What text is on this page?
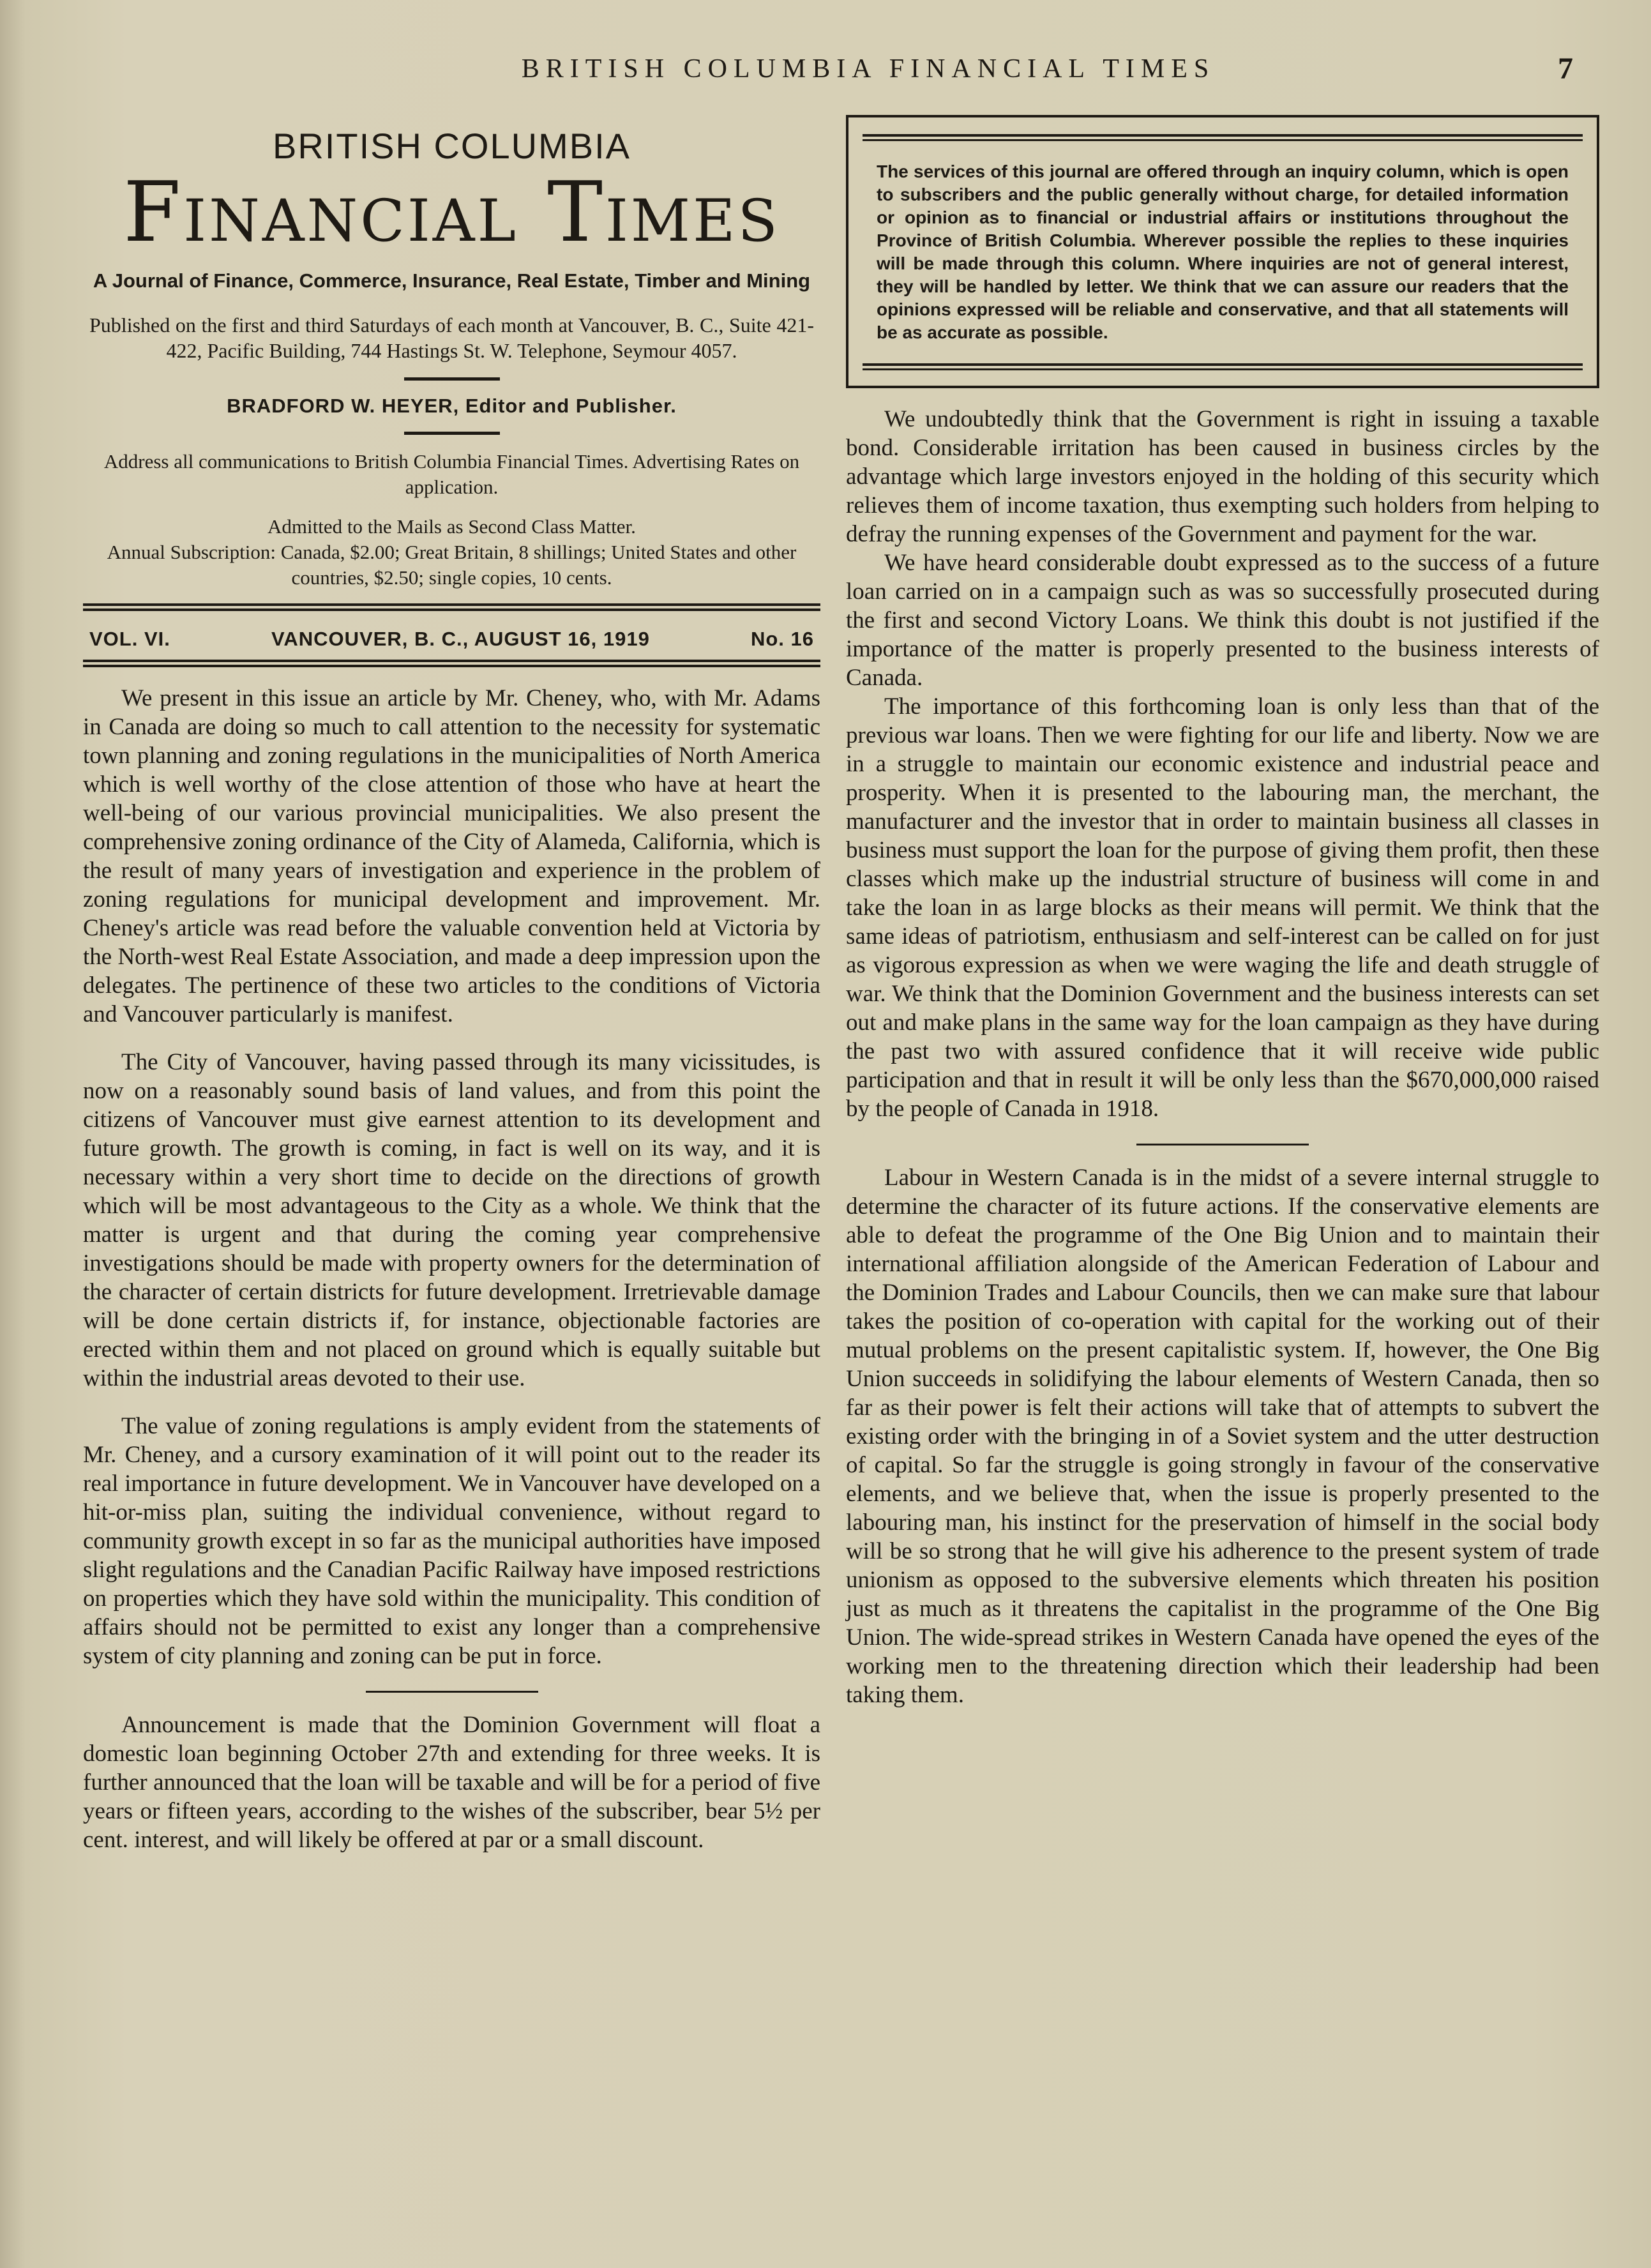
BRITISH COLUMBIA FINANCIAL TIMES	7
BRITISH COLUMBIA
Financial Times
A Journal of Finance, Commerce, Insurance, Real Estate, Timber and Mining
Published on the first and third Saturdays of each month at Vancouver, B. C., Suite 421-422, Pacific Building, 744 Hastings St. W. Telephone, Seymour 4057.
BRADFORD W. HEYER, Editor and Publisher.
Address all communications to British Columbia Financial Times. Advertising Rates on application.
Admitted to the Mails as Second Class Matter.
Annual Subscription: Canada, $2.00; Great Britain, 8 shillings; United States and other countries, $2.50; single copies, 10 cents.
VOL. VI.	VANCOUVER, B. C., AUGUST 16, 1919	No. 16

We present in this issue an article by Mr. Cheney, who, with Mr. Adams in Canada are doing so much to call attention to the necessity for systematic town planning and zoning regulations in the municipalities of North America which is well worthy of the close attention of those who have at heart the well-being of our various provincial municipalities. We also present the comprehensive zoning ordinance of the City of Alameda, California, which is the result of many years of investigation and experience in the problem of zoning regulations for municipal development and improvement. Mr. Cheney's article was read before the valuable convention held at Victoria by the North-west Real Estate Association, and made a deep impression upon the delegates. The pertinence of these two articles to the conditions of Victoria and Vancouver particularly is manifest.

The City of Vancouver, having passed through its many vicissitudes, is now on a reasonably sound basis of land values, and from this point the citizens of Vancouver must give earnest attention to its development and future growth. The growth is coming, in fact is well on its way, and it is necessary within a very short time to decide on the directions of growth which will be most advantageous to the City as a whole. We think that the matter is urgent and that during the coming year comprehensive investigations should be made with property owners for the determination of the character of certain districts for future development. Irretrievable damage will be done certain districts if, for instance, objectionable factories are erected within them and not placed on ground which is equally suitable but within the industrial areas devoted to their use.

The value of zoning regulations is amply evident from the statements of Mr. Cheney, and a cursory examination of it will point out to the reader its real importance in future development. We in Vancouver have developed on a hit-or-miss plan, suiting the individual convenience, without regard to community growth except in so far as the municipal authorities have imposed slight regulations and the Canadian Pacific Railway have imposed restrictions on properties which they have sold within the municipality. This condition of affairs should not be permitted to exist any longer than a comprehensive system of city planning and zoning can be put in force.

Announcement is made that the Dominion Government will float a domestic loan beginning October 27th and extending for three weeks. It is further announced that the loan will be taxable and will be for a period of five years or fifteen years, according to the wishes of the subscriber, bear 5½ per cent. interest, and will likely be offered at par or a small discount.

The services of this journal are offered through an inquiry column, which is open to subscribers and the public generally without charge, for detailed information or opinion as to financial or industrial affairs or institutions throughout the Province of British Columbia. Wherever possible the replies to these inquiries will be made through this column. Where inquiries are not of general interest, they will be handled by letter. We think that we can assure our readers that the opinions expressed will be reliable and conservative, and that all statements will be as accurate as possible.

We undoubtedly think that the Government is right in issuing a taxable bond. Considerable irritation has been caused in business circles by the advantage which large investors enjoyed in the holding of this security which relieves them of income taxation, thus exempting such holders from helping to defray the running expenses of the Government and payment for the war.

We have heard considerable doubt expressed as to the success of a future loan carried on in a campaign such as was so successfully prosecuted during the first and second Victory Loans. We think this doubt is not justified if the importance of the matter is properly presented to the business interests of Canada.

The importance of this forthcoming loan is only less than that of the previous war loans. Then we were fighting for our life and liberty. Now we are in a struggle to maintain our economic existence and industrial peace and prosperity. When it is presented to the labouring man, the merchant, the manufacturer and the investor that in order to maintain business all classes in business must support the loan for the purpose of giving them profit, then these classes which make up the industrial structure of business will come in and take the loan in as large blocks as their means will permit. We think that the same ideas of patriotism, enthusiasm and self-interest can be called on for just as vigorous expression as when we were waging the life and death struggle of war. We think that the Dominion Government and the business interests can set out and make plans in the same way for the loan campaign as they have during the past two with assured confidence that it will receive wide public participation and that in result it will be only less than the $670,000,000 raised by the people of Canada in 1918.

Labour in Western Canada is in the midst of a severe internal struggle to determine the character of its future actions. If the conservative elements are able to defeat the programme of the One Big Union and to maintain their international affiliation alongside of the American Federation of Labour and the Dominion Trades and Labour Councils, then we can make sure that labour takes the position of co-operation with capital for the working out of their mutual problems on the present capitalistic system. If, however, the One Big Union succeeds in solidifying the labour elements of Western Canada, then so far as their power is felt their actions will take that of attempts to subvert the existing order with the bringing in of a Soviet system and the utter destruction of capital. So far the struggle is going strongly in favour of the conservative elements, and we believe that, when the issue is properly presented to the labouring man, his instinct for the preservation of himself in the social body will be so strong that he will give his adherence to the present system of trade unionism as opposed to the subversive elements which threaten his position just as much as it threatens the capitalist in the programme of the One Big Union. The wide-spread strikes in Western Canada have opened the eyes of the working men to the threatening direction which their leadership had been taking them.
